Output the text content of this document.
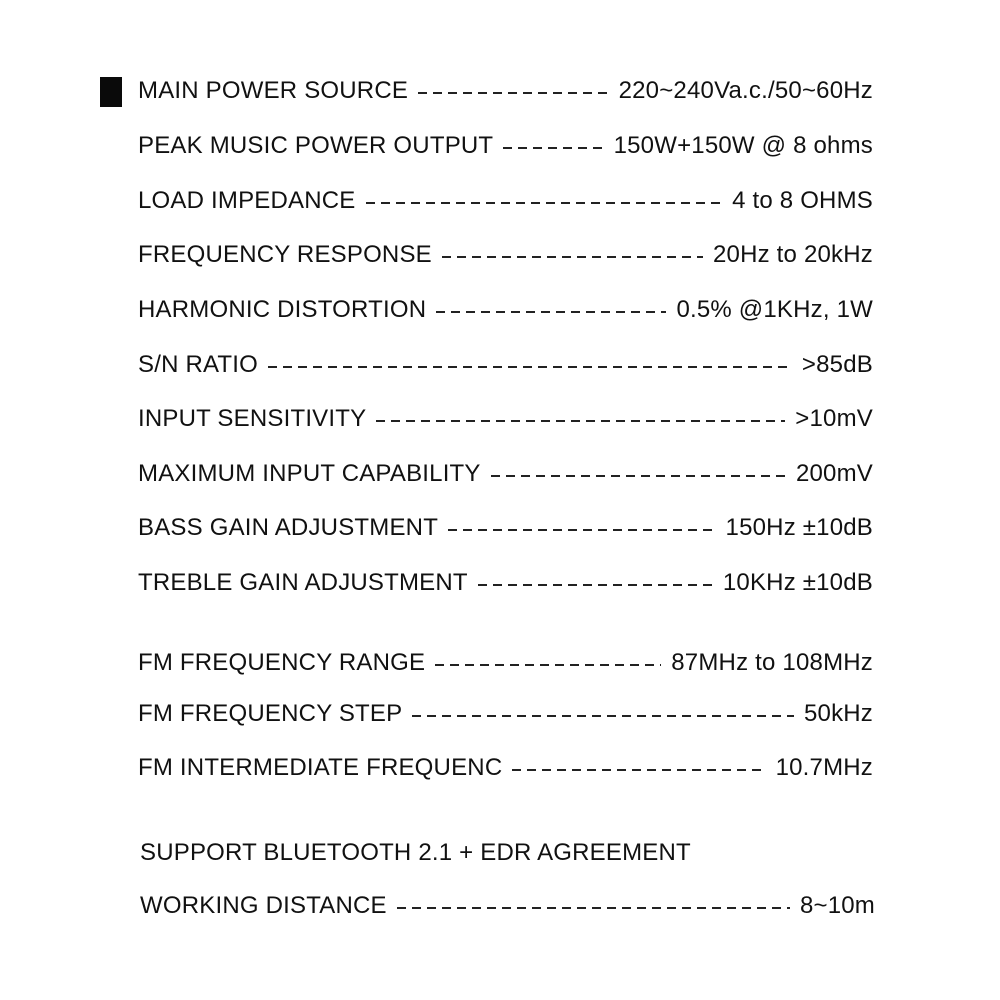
MAIN POWER SOURCE	220~240Va.c./50~60Hz
PEAK MUSIC POWER OUTPUT	150W+150W @ 8 ohms
LOAD IMPEDANCE	4 to 8 OHMS
FREQUENCY RESPONSE	20Hz to 20kHz
HARMONIC DISTORTION	0.5% @1KHz, 1W
S/N RATIO	>85dB
INPUT SENSITIVITY	>10mV
MAXIMUM INPUT CAPABILITY	200mV
BASS GAIN ADJUSTMENT	150Hz ±10dB
TREBLE GAIN ADJUSTMENT	10KHz ±10dB
FM FREQUENCY RANGE	87MHz to 108MHz
FM FREQUENCY STEP	50kHz
FM INTERMEDIATE FREQUENC	10.7MHz
SUPPORT BLUETOOTH 2.1 + EDR AGREEMENT
WORKING DISTANCE	8~10m
